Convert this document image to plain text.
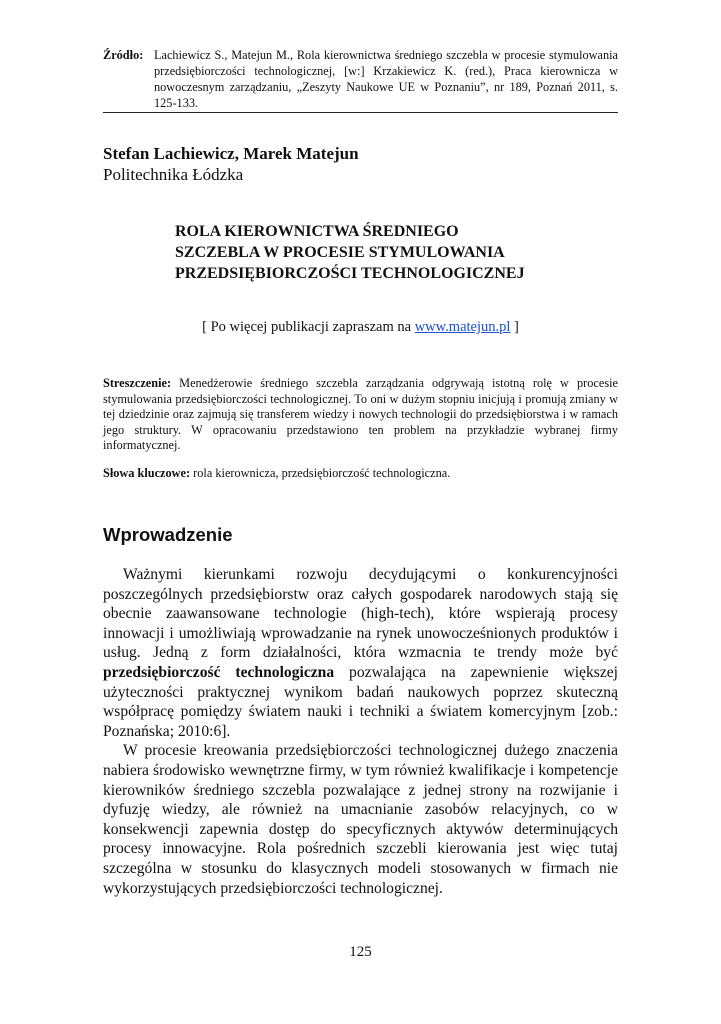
Źródło: Lachiewicz S., Matejun M., Rola kierownictwa średniego szczebla w procesie stymulowania przedsiębiorczości technologicznej, [w:] Krzakiewicz K. (red.), Praca kierownicza w nowoczesnym zarządzaniu, „Zeszyty Naukowe UE w Poznaniu”, nr 189, Poznań 2011, s. 125-133.
Stefan Lachiewicz, Marek Matejun
Politechnika Łódzka
ROLA KIEROWNICTWA ŚREDNIEGO
SZCZEBLA W PROCESIE STYMULOWANIA
PRZEDSIĘBIORCZOŚCI TECHNOLOGICZNEJ
[ Po więcej publikacji zapraszam na www.matejun.pl ]
Streszczenie: Menedżerowie średniego szczebla zarządzania odgrywają istotną rolę w procesie stymulowania przedsiębiorczości technologicznej. To oni w dużym stopniu inicjują i promują zmiany w tej dziedzinie oraz zajmują się transferem wiedzy i nowych technologii do przedsiębiorstwa i w ramach jego struktury. W opracowaniu przedstawiono ten problem na przykładzie wybranej firmy informatycznej.
Słowa kluczowe: rola kierownicza, przedsiębiorczość technologiczna.
Wprowadzenie

Ważnymi kierunkami rozwoju decydującymi o konkurencyjności poszczególnych przedsiębiorstw oraz całych gospodarek narodowych stają się obecnie zaawansowane technologie (high-tech), które wspierają procesy innowacji i umożliwiają wprowadzanie na rynek unowocześnionych produktów i usług. Jedną z form działalności, która wzmacnia te trendy może być przedsiębiorczość technologiczna pozwalająca na zapewnienie większej użyteczności praktycznej wynikom badań naukowych poprzez skuteczną współpracę pomiędzy światem nauki i techniki a światem komercyjnym [zob.: Poznańska; 2010:6].

W procesie kreowania przedsiębiorczości technologicznej dużego znaczenia nabiera środowisko wewnętrzne firmy, w tym również kwalifikacje i kompetencje kierowników średniego szczebla pozwalające z jednej strony na rozwijanie i dyfuzję wiedzy, ale również na umacnianie zasobów relacyjnych, co w konsekwencji zapewnia dostęp do specyficznych aktywów determinujących procesy innowacyjne. Rola pośrednich szczebli kierowania jest więc tutaj szczególna w stosunku do klasycznych modeli stosowanych w firmach nie wykorzystujących przedsiębiorczości technologicznej.

125
